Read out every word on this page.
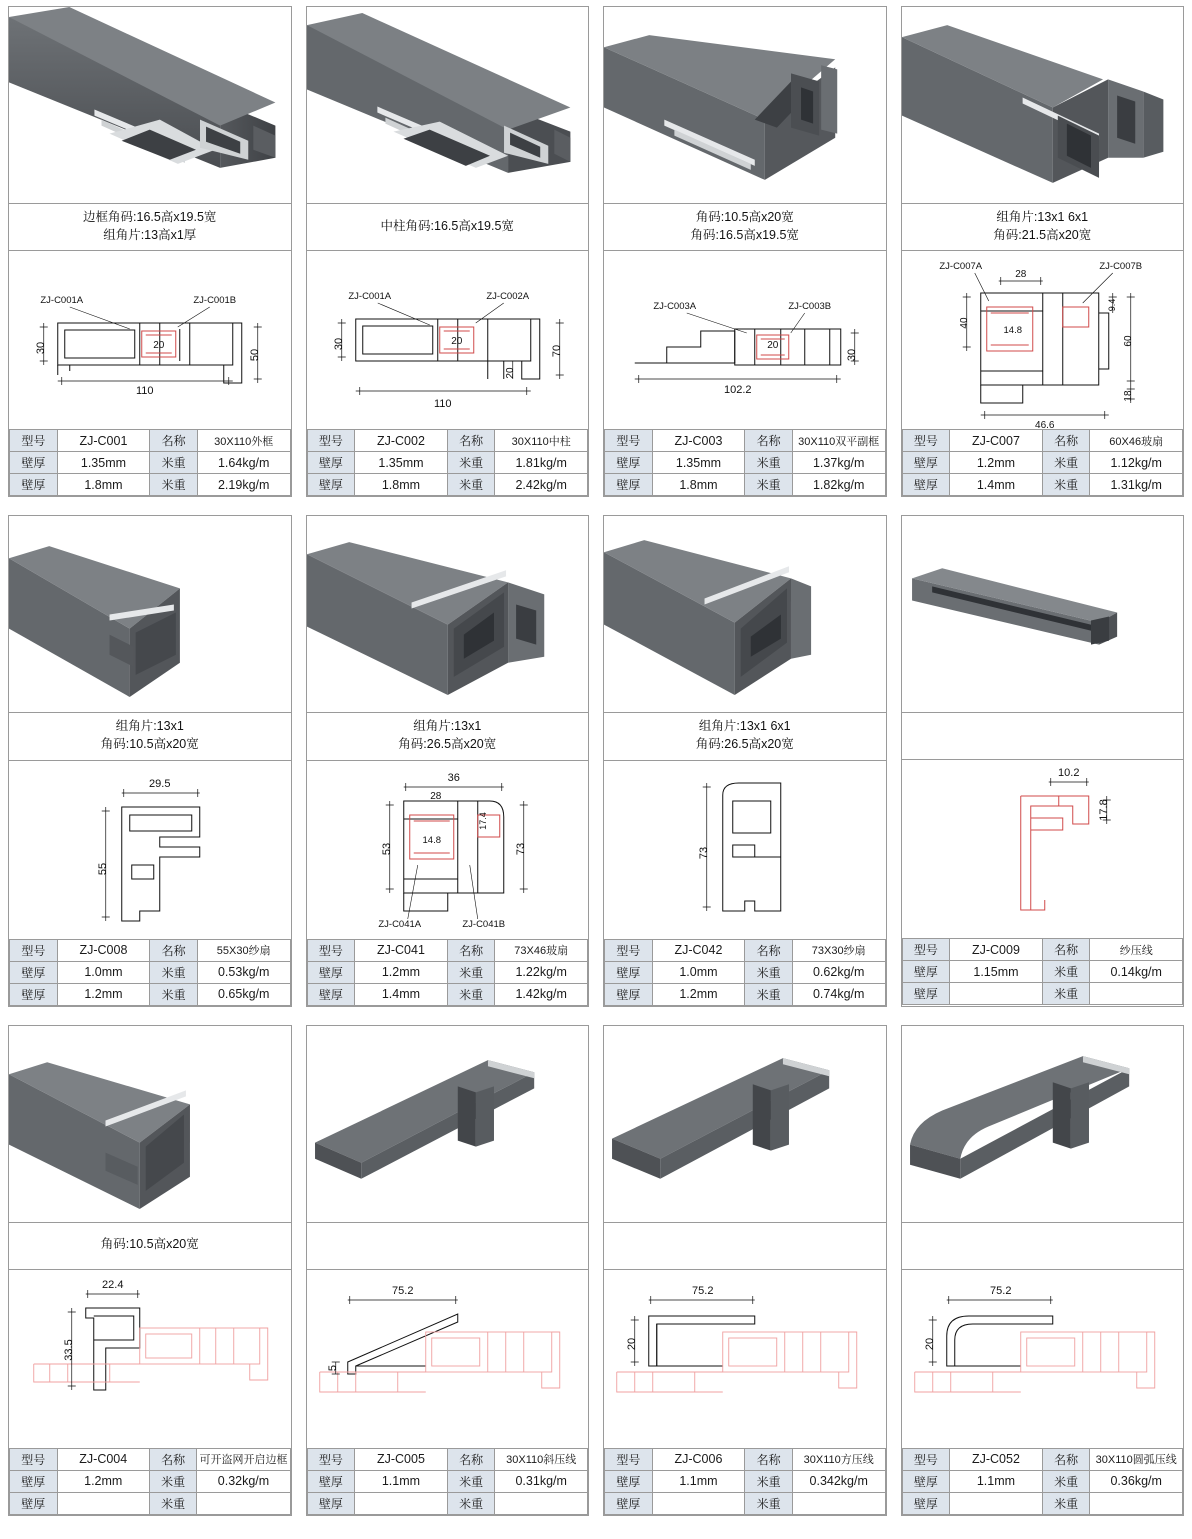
边框角码:16.5高x19.5宽
组角片:13高x1厚
30
50
20
110
ZJ-C001A	ZJ-C001B
型号	ZJ-C001	名称	30X110外框
壁厚	1.35mm	米重	1.64kg/m
壁厚	1.8mm	米重	2.19kg/m
中柱角码:16.5高x19.5宽
30
70
20
20
110
ZJ-C001A	ZJ-C002A
型号	ZJ-C002	名称	30X110中柱
壁厚	1.35mm	米重	1.81kg/m
壁厚	1.8mm	米重	2.42kg/m
角码:10.5高x20宽
角码:16.5高x19.5宽
20
30
102.2
ZJ-C003A	ZJ-C003B
型号	ZJ-C003	名称	30X110双平副框
壁厚	1.35mm	米重	1.37kg/m
壁厚	1.8mm	米重	1.82kg/m
组角片:13x1 6x1
角码:21.5高x20宽
28
9.4
40
14.8
60
18
46.6
ZJ-C007A	ZJ-C007B
型号	ZJ-C007	名称	60X46玻扇
壁厚	1.2mm	米重	1.12kg/m
壁厚	1.4mm	米重	1.31kg/m
组角片:13x1
角码:10.5高x20宽
29.5
55
型号	ZJ-C008	名称	55X30纱扇
壁厚	1.0mm	米重	0.53kg/m
壁厚	1.2mm	米重	0.65kg/m
组角片:13x1
角码:26.5高x20宽
36
28
17.4
53
14.8
73
ZJ-C041A	ZJ-C041B
型号	ZJ-C041	名称	73X46玻扇
壁厚	1.2mm	米重	1.22kg/m
壁厚	1.4mm	米重	1.42kg/m
组角片:13x1 6x1
角码:26.5高x20宽
73
型号	ZJ-C042	名称	73X30纱扇
壁厚	1.0mm	米重	0.62kg/m
壁厚	1.2mm	米重	0.74kg/m
10.2
17.8
型号	ZJ-C009	名称	纱压线
壁厚	1.15mm	米重	0.14kg/m
壁厚		米重	
角码:10.5高x20宽
22.4
33.5
型号	ZJ-C004	名称	可开盗网开启边框
壁厚	1.2mm	米重	0.32kg/m
壁厚		米重	
75.2
5
型号	ZJ-C005	名称	30X110斜压线
壁厚	1.1mm	米重	0.31kg/m
壁厚		米重	
75.2
20
型号	ZJ-C006	名称	30X110方压线
壁厚	1.1mm	米重	0.342kg/m
壁厚		米重	
75.2
20
型号	ZJ-C052	名称	30X110圆弧压线
壁厚	1.1mm	米重	0.36kg/m
壁厚		米重	
